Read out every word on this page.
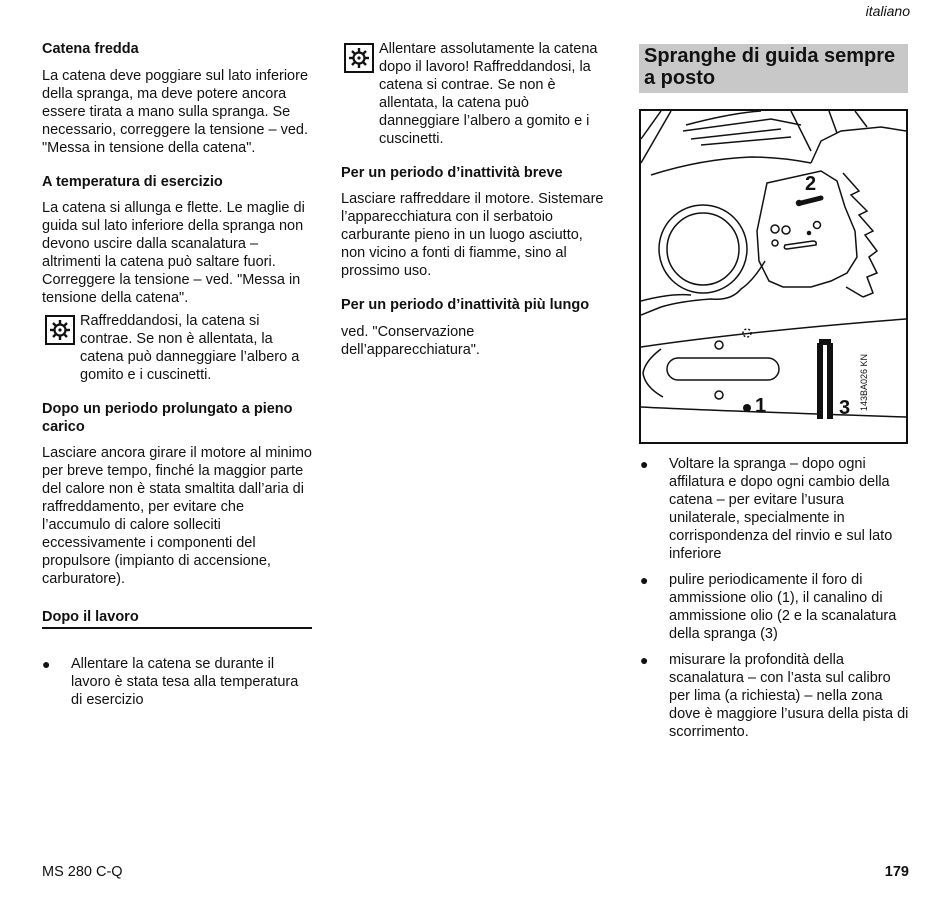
italiano

Catena fredda

La catena deve poggiare sul lato inferiore della spranga, ma deve potere ancora essere tirata a mano sulla spranga. Se necessario, correggere la tensione – ved. "Messa in tensione della catena".

A temperatura di esercizio

La catena si allunga e flette. Le maglie di guida sul lato inferiore della spranga non devono uscire dalla scanalatura – altrimenti la catena può saltare fuori. Correggere la tensione – ved. "Messa in tensione della catena".

Raffreddandosi, la catena si contrae. Se non è allentata, la catena può danneggiare l’albero a gomito e i cuscinetti.

Dopo un periodo prolungato a pieno carico

Lasciare ancora girare il motore al minimo per breve tempo, finché la maggior parte del calore non è stata smaltita dall’aria di raffreddamento, per evitare che l’accumulo di calore solleciti eccessivamente i componenti del propulsore (impianto di accensione, carburatore).

Dopo il lavoro

● Allentare la catena se durante il lavoro è stata tesa alla temperatura di esercizio

Allentare assolutamente la catena dopo il lavoro! Raffreddandosi, la catena si contrae. Se non è allentata, la catena può danneggiare l’albero a gomito e i cuscinetti.

Per un periodo d’inattività breve

Lasciare raffreddare il motore. Sistemare l’apparecchiatura con il serbatoio carburante pieno in un luogo asciutto, non vicino a fonti di fiamme, sino al prossimo uso.

Per un periodo d’inattività più lungo

ved. "Conservazione dell’apparecchiatura".

Spranghe di guida sempre a posto
2
1	3 143BA026 KN
● Voltare la spranga – dopo ogni affilatura e dopo ogni cambio della catena – per evitare l’usura unilaterale, specialmente in corrispondenza del rinvio e sul lato inferiore

● pulire periodicamente il foro di ammissione olio (1), il canalino di ammissione olio (2 e la scanalatura della spranga (3)

● misurare la profondità della scanalatura – con l’asta sul calibro per lima (a richiesta) – nella zona dove è maggiore l’usura della pista di scorrimento.

MS 280 C-Q	179
